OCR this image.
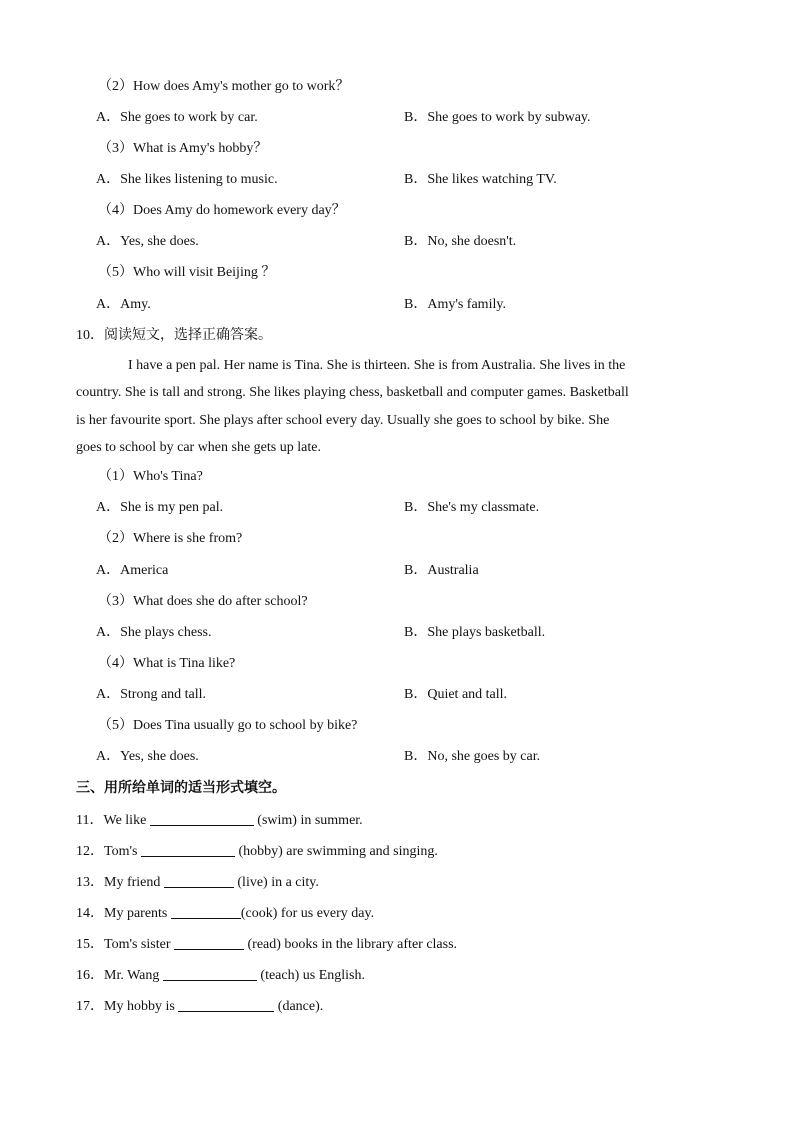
（2）How does Amy's mother go to work？
A．She goes to work by car.	B．She goes to work by subway.
（3）What is Amy's hobby？
A．She likes listening to music.	B．She likes watching TV.
（4）Does Amy do homework every day？
A．Yes, she does.	B．No, she doesn't.
（5）Who will visit Beijing ？
A．Amy.	B．Amy's family.
10．阅读短文，选择正确答案。
I have a pen pal. Her name is Tina. She is thirteen. She is from Australia. She lives in the
country. She is tall and strong. She likes playing chess, basketball and computer games. Basketball
is her favourite sport. She plays after school every day. Usually she goes to school by bike. She
goes to school by car when she gets up late.
（1）Who's Tina?
A．She is my pen pal.	B．She's my classmate.
（2）Where is she from?
A．America	B．Australia
（3）What does she do after school?
A．She plays chess.	B．She plays basketball.
（4）What is Tina like?
A．Strong and tall.	B．Quiet and tall.
（5）Does Tina usually go to school by bike?
A．Yes, she does.	B．No, she goes by car.
三、用所给单词的适当形式填空。
11．We like	(swim) in summer.
12．Tom's	(hobby) are swimming and singing.
13．My friend	(live) in a city.
14．My parents	(cook) for us every day.
15．Tom's sister	(read) books in the library after class.
16．Mr. Wang	(teach) us English.
17．My hobby is	(dance).
